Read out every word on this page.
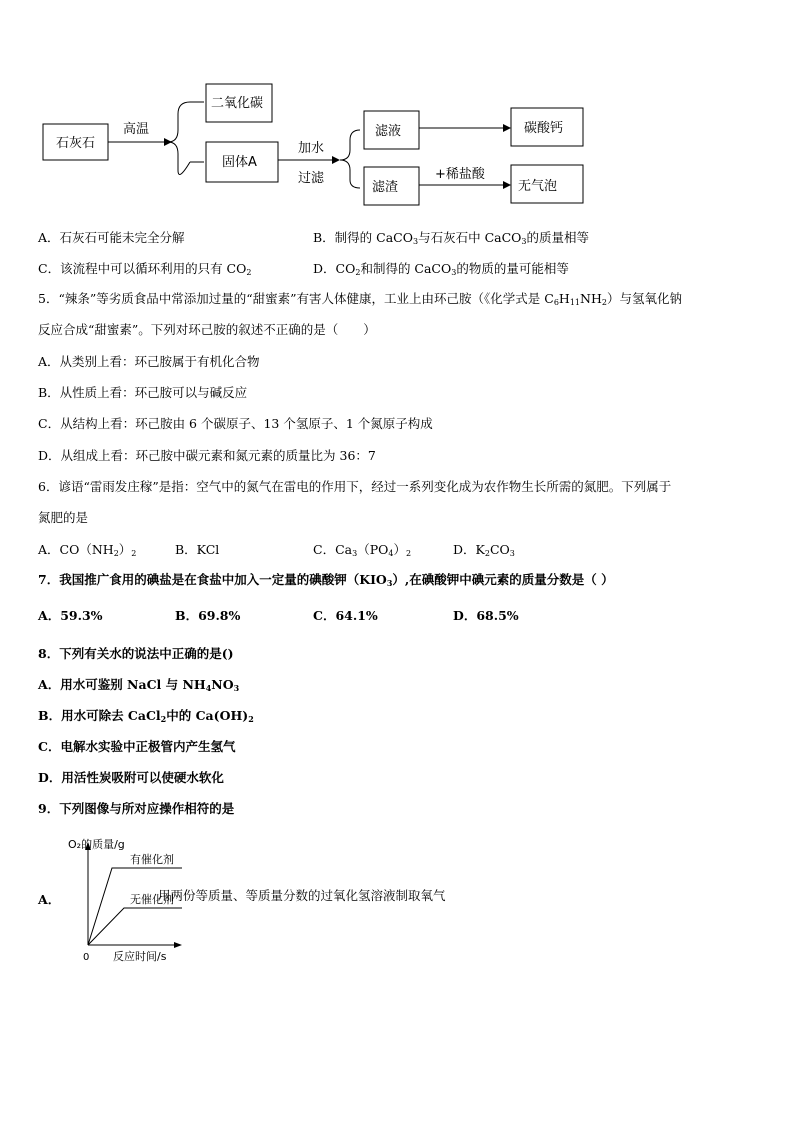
石灰石
高温
二氧化碳
固体A
加水
过滤
滤液
滤渣
碳酸钙
+稀盐酸
无气泡
A．石灰石可能未完全分解	B．制得的 CaCO$_3$与石灰石中 CaCO$_3$的质量相等
C．该流程中可以循环利用的只有 $CO_2$	D．$CO_2$和制得的 CaCO$_3$的物质的量可能相等
5．“辣条”等劣质食品中常添加过量的“甜蜜素”有害人体健康，工业上由环己胺（《化学式是 $C_6H_{11}NH_2$）与氢氧化钠
反应合成“甜蜜素”。下列对环己胺的叙述不正确的是（　　）
A．从类别上看：环己胺属于有机化合物
B．从性质上看：环己胺可以与碱反应
C．从结构上看：环己胺由 6 个碳原子、13 个氢原子、1 个氮原子构成
D．从组成上看：环己胺中碳元素和氮元素的质量比为 36：7
6．谚语“雷雨发庄稼”是指：空气中的氮气在雷电的作用下，经过一系列变化成为农作物生长所需的氮肥。下列属于
氮肥的是
A．$CO(NH_2)_2$	B．KCl	C．$Ca_3(PO_4)_2$	D．$K_2CO_3$
7．我国推广食用的碘盐是在食盐中加入一定量的碘酸钾$(KIO_3)$,在碘酸钾中碘元素的质量分数是（ ）
A．59.3%	B．69.8%	C．64.1%	D．68.5%
8．下列有关水的说法中正确的是()
A．用水可鉴别 NaCl 与 $NH_4NO_3$
B．用水可除去 CaCl$_2$中的 $Ca(OH)_2$
C．电解水实验中正极管内产生氢气
D．用活性炭吸附可以使硬水软化
9．下列图像与所对应操作相符的是
A．
O₂的质量/g
反应时间/s
0
有催化剂
无催化剂
用两份等质量、等质量分数的过氧化氢溶液制取氧气
